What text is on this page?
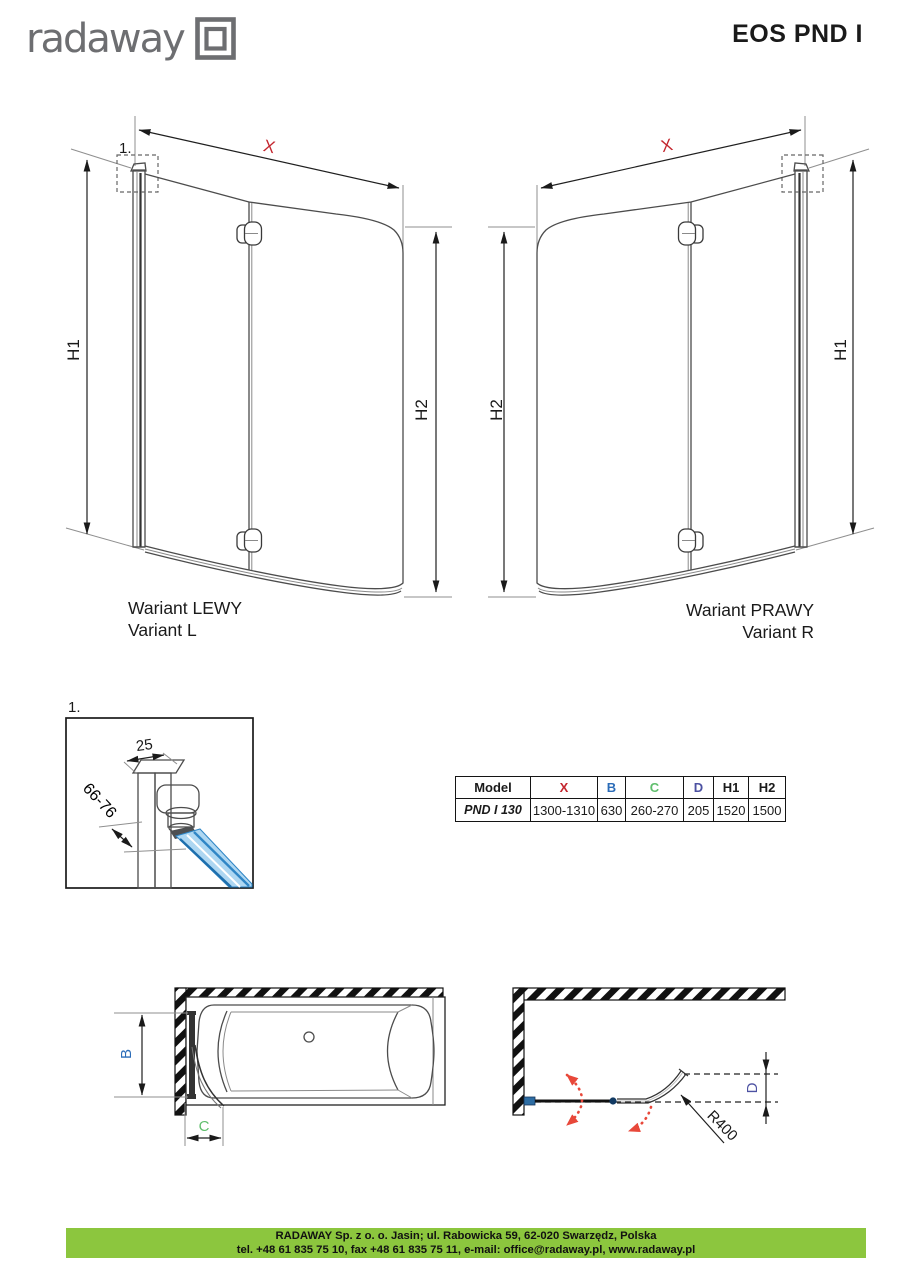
1.	X
H1
H2
X
H1
H2
1.
25
66-76
B
C
D
R400
radaway	EOS PND I
Wariant LEWY
Variant L
Wariant PRAWY
Variant R
Model	X	B	C	D	H1	H2
PND I 130	1300-1310	630	260-270	205	1520	1500
RADAWAY Sp. z o. o. Jasin; ul. Rabowicka 59, 62-020 Swarzędz, Polska
tel. +48 61 835 75 10, fax +48 61 835 75 11, e-mail: office@radaway.pl, www.radaway.pl
